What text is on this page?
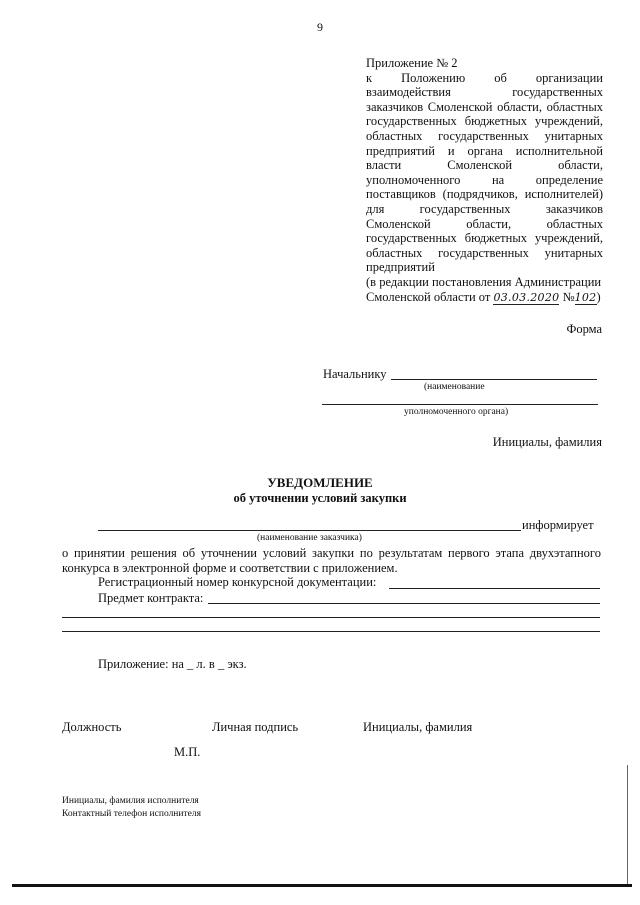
9
Приложение № 2
к Положению об организации
взаимодействия государственных
заказчиков Смоленской области, областных
государственных бюджетных учреждений,
областных государственных унитарных
предприятий и органа исполнительной
власти Смоленской области,
уполномоченного на определение
поставщиков (подрядчиков, исполнителей)
для государственных заказчиков
Смоленской области, областных
государственных бюджетных учреждений,
областных государственных унитарных
предприятий
(в редакции постановления Администрации
Смоленской области от 03.03.2020 №102)
Форма
Начальнику
(наименование
уполномоченного органа)
Инициалы, фамилия
УВЕДОМЛЕНИЕ
об уточнении условий закупки
информирует
(наименование заказчика)
о принятии решения об уточнении условий закупки по результатам первого этапа двухэтапного
конкурса в электронной форме и соответствии с приложением.
Регистрационный номер конкурсной документации:
Предмет контракта:
Приложение: на _ л. в _ экз.
Должность	Личная подпись	Инициалы, фамилия
М.П.
Инициалы, фамилия исполнителя
Контактный телефон исполнителя
